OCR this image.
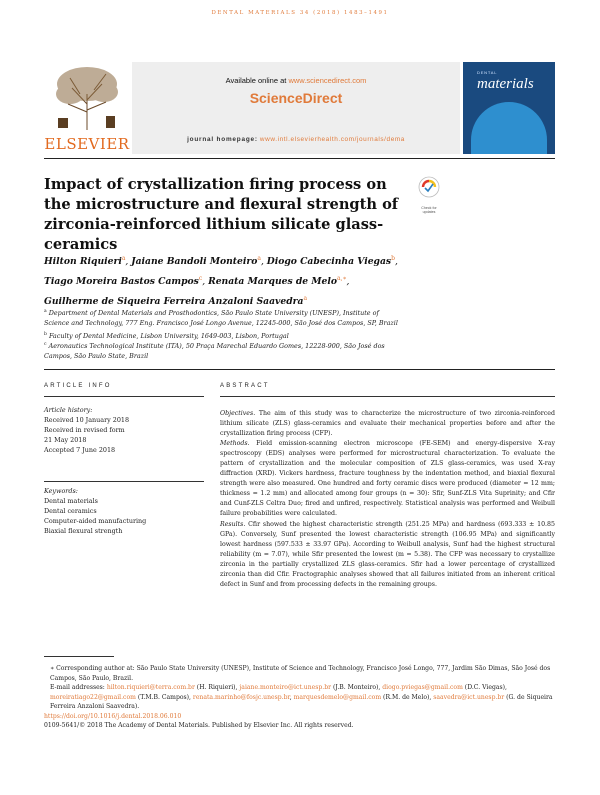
DENTAL MATERIALS 34 (2018) 1483–1491
ELSEVIER
Available online at www.sciencedirect.com
ScienceDirect
journal homepage: www.intl.elsevierhealth.com/journals/dema
DENTAL
materials
Impact of crystallization firing process on the microstructure and flexural strength of zirconia-reinforced lithium silicate glass-ceramics
Check for
updates
Hilton Riquieri$^a$, Jaiane Bandoli Monteiro$^a$, Diogo Cabecinha Viegas$^b$,
Tiago Moreira Bastos Campos$^c$, Renata Marques de Melo$^{a,∗}$,
Guilherme de Siqueira Ferreira Anzaloni Saavedra$^a$
$^a$ Department of Dental Materials and Prosthodontics, São Paulo State University (UNESP), Institute of Science and Technology, 777 Eng. Francisco José Longo Avenue, 12245-000, São José dos Campos, SP, Brazil
$^b$ Faculty of Dental Medicine, Lisbon University, 1649-003, Lisbon, Portugal
$^c$ Aeronautics Technological Institute (ITA), 50 Praça Marechal Eduardo Gomes, 12228-900, São José dos Campos, São Paulo State, Brazil
ARTICLE INFO
Article history:
Received 10 January 2018
Received in revised form
21 May 2018
Accepted 7 June 2018
Keywords:
Dental materials
Dental ceramics
Computer-aided manufacturing
Biaxial flexural strength
ABSTRACT

Objectives. The aim of this study was to characterize the microstructure of two zirconia-reinforced lithium silicate (ZLS) glass-ceramics and evaluate their mechanical properties before and after the crystallization firing process (CFP).

Methods. Field emission-scanning electron microscope (FE-SEM) and energy-dispersive X-ray spectroscopy (EDS) analyses were performed for microstructural characterization. To evaluate the pattern of crystallization and the molecular composition of ZLS glass-ceramics, was used X-ray diffraction (XRD). Vickers hardness, fracture toughness by the indentation method, and biaxial flexural strength were also measured. One hundred and forty ceramic discs were produced (diameter = 12 mm; thickness = 1.2 mm) and allocated among four groups (n = 30): Sfir, Sunf-ZLS Vita Suprinity; and Cfir and Cunf-ZLS Celtra Duo; fired and unfired, respectively. Statistical analysis was performed and Weibull failure probabilities were calculated.

Results. Cfir showed the highest characteristic strength (251.25 MPa) and hardness (693.333 ± 10.85 GPa). Conversely, Sunf presented the lowest characteristic strength (106.95 MPa) and significantly lowest hardness (597.533 ± 33.97 GPa). According to Weibull analysis, Sunf had the highest structural reliability (m = 7.07), while Sfir presented the lowest (m = 5.38). The CFP was necessary to crystallize zirconia in the partially crystallized ZLS glass-ceramics. Sfir had a lower percentage of crystallized zirconia than did Cfir. Fractographic analyses showed that all failures initiated from an inherent critical defect in Sunf and from processing defects in the remaining groups.

∗ Corresponding author at: São Paulo State University (UNESP), Institute of Science and Technology, Francisco José Longo, 777, Jardim São Dimas, São José dos Campos, São Paulo, Brazil.

E-mail addresses: hilton.riquieri@terra.com.br (H. Riquieri), jaiane.monteiro@ict.unesp.br (J.B. Monteiro), diogo.pviegas@gmail.com (D.C. Viegas), moreiratiago22@gmail.com (T.M.B. Campos), renata.marinho@fosjc.unesp.br, marquesdemelo@gmail.com (R.M. de Melo), saavedra@ict.unesp.br (G. de Siqueira Ferreira Anzaloni Saavedra).

https://doi.org/10.1016/j.dental.2018.06.010

0109-5641/© 2018 The Academy of Dental Materials. Published by Elsevier Inc. All rights reserved.
